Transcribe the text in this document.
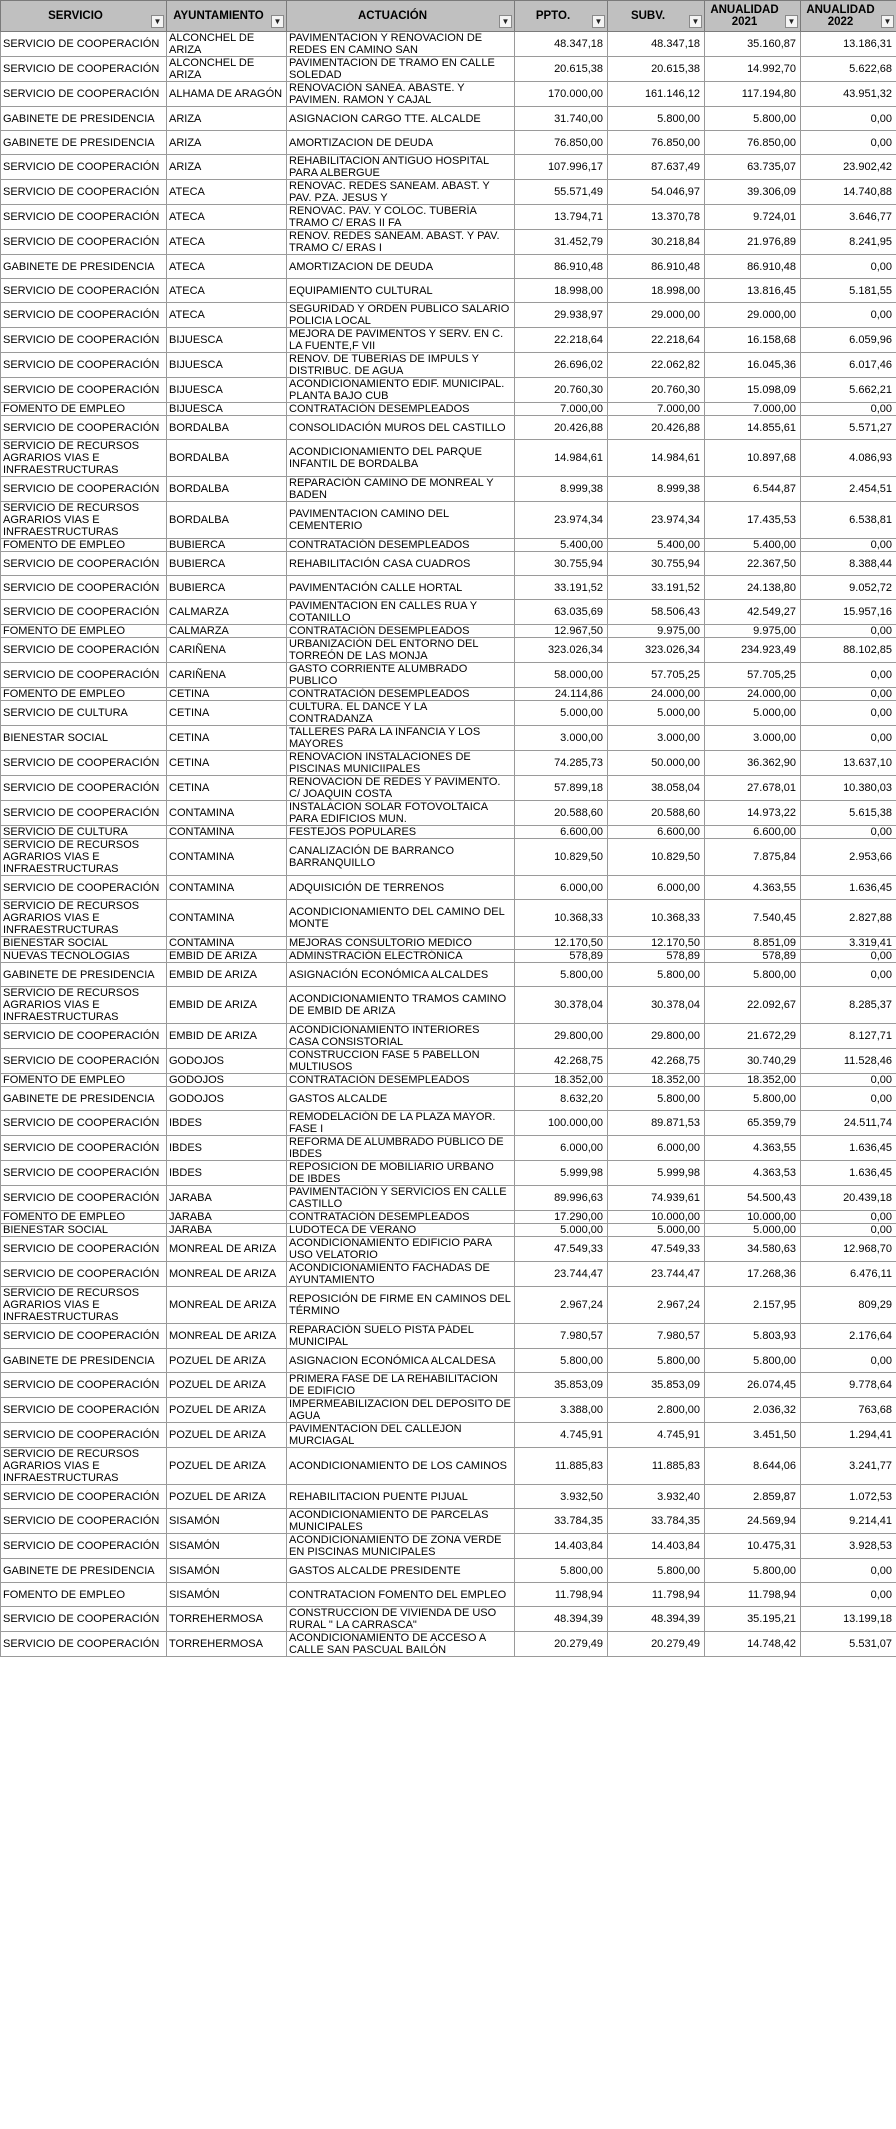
SERVICIO ▼	AYUNTAMIENTO ▼	ACTUACIÓN ▼	PPTO. ▼	SUBV. ▼	ANUALIDAD 2021 ▼	ANUALIDAD 2022 ▼

SERVICIO DE COOPERACIÓN	ALCONCHEL DE ARIZA	PAVIMENTACION Y RENOVACION DE REDES EN CAMINO SAN	48.347,18	48.347,18	35.160,87	13.186,31
SERVICIO DE COOPERACIÓN	ALCONCHEL DE ARIZA	PAVIMENTACION DE TRAMO EN CALLE SOLEDAD	20.615,38	20.615,38	14.992,70	5.622,68
SERVICIO DE COOPERACIÓN	ALHAMA DE ARAGÓN	RENOVACIÓN SANEA. ABASTE. Y PAVIMEN. RAMON Y CAJAL	170.000,00	161.146,12	117.194,80	43.951,32
GABINETE DE PRESIDENCIA	ARIZA	ASIGNACION CARGO TTE. ALCALDE	31.740,00	5.800,00	5.800,00	0,00
GABINETE DE PRESIDENCIA	ARIZA	AMORTIZACION DE DEUDA	76.850,00	76.850,00	76.850,00	0,00
SERVICIO DE COOPERACIÓN	ARIZA	REHABILITACION ANTIGUO HOSPITAL PARA ALBERGUE	107.996,17	87.637,49	63.735,07	23.902,42
SERVICIO DE COOPERACIÓN	ATECA	RENOVAC. REDES SANEAM. ABAST. Y PAV. PZA. JESUS Y	55.571,49	54.046,97	39.306,09	14.740,88
SERVICIO DE COOPERACIÓN	ATECA	RENOVAC. PAV. Y COLOC. TUBERÍA TRAMO C/ ERAS II FA	13.794,71	13.370,78	9.724,01	3.646,77
SERVICIO DE COOPERACIÓN	ATECA	RENOV. REDES SANEAM. ABAST. Y PAV. TRAMO C/ ERAS I	31.452,79	30.218,84	21.976,89	8.241,95
GABINETE DE PRESIDENCIA	ATECA	AMORTIZACION DE DEUDA	86.910,48	86.910,48	86.910,48	0,00
SERVICIO DE COOPERACIÓN	ATECA	EQUIPAMIENTO CULTURAL	18.998,00	18.998,00	13.816,45	5.181,55
SERVICIO DE COOPERACIÓN	ATECA	SEGURIDAD Y ORDEN PUBLICO SALARIO POLICIA LOCAL	29.938,97	29.000,00	29.000,00	0,00
SERVICIO DE COOPERACIÓN	BIJUESCA	MEJORA DE PAVIMENTOS Y SERV. EN C. LA FUENTE,F VII	22.218,64	22.218,64	16.158,68	6.059,96
SERVICIO DE COOPERACIÓN	BIJUESCA	RENOV. DE TUBERIAS DE IMPULS Y DISTRIBUC. DE AGUA	26.696,02	22.062,82	16.045,36	6.017,46
SERVICIO DE COOPERACIÓN	BIJUESCA	ACONDICIONAMIENTO EDIF. MUNICIPAL. PLANTA BAJO CUB	20.760,30	20.760,30	15.098,09	5.662,21
FOMENTO DE EMPLEO	BIJUESCA	CONTRATACIÓN DESEMPLEADOS	7.000,00	7.000,00	7.000,00	0,00
SERVICIO DE COOPERACIÓN	BORDALBA	CONSOLIDACIÓN MUROS DEL CASTILLO	20.426,88	20.426,88	14.855,61	5.571,27
SERVICIO DE RECURSOS AGRARIOS VIAS E INFRAESTRUCTURAS	BORDALBA	ACONDICIONAMIENTO DEL PARQUE INFANTIL DE BORDALBA	14.984,61	14.984,61	10.897,68	4.086,93
SERVICIO DE COOPERACIÓN	BORDALBA	REPARACIÓN CAMINO DE MONREAL Y BADEN	8.999,38	8.999,38	6.544,87	2.454,51
SERVICIO DE RECURSOS AGRARIOS VIAS E INFRAESTRUCTURAS	BORDALBA	PAVIMENTACION CAMINO DEL CEMENTERIO	23.974,34	23.974,34	17.435,53	6.538,81
FOMENTO DE EMPLEO	BUBIERCA	CONTRATACIÓN DESEMPLEADOS	5.400,00	5.400,00	5.400,00	0,00
SERVICIO DE COOPERACIÓN	BUBIERCA	REHABILITACIÓN CASA CUADROS	30.755,94	30.755,94	22.367,50	8.388,44
SERVICIO DE COOPERACIÓN	BUBIERCA	PAVIMENTACIÓN CALLE HORTAL	33.191,52	33.191,52	24.138,80	9.052,72
SERVICIO DE COOPERACIÓN	CALMARZA	PAVIMENTACION EN CALLES RUA Y COTANILLO	63.035,69	58.506,43	42.549,27	15.957,16
FOMENTO DE EMPLEO	CALMARZA	CONTRATACIÓN DESEMPLEADOS	12.967,50	9.975,00	9.975,00	0,00
SERVICIO DE COOPERACIÓN	CARIÑENA	URBANIZACIÓN DEL ENTORNO DEL TORREÓN DE LAS MONJA	323.026,34	323.026,34	234.923,49	88.102,85
SERVICIO DE COOPERACIÓN	CARIÑENA	GASTO CORRIENTE ALUMBRADO PUBLICO	58.000,00	57.705,25	57.705,25	0,00
FOMENTO DE EMPLEO	CETINA	CONTRATACIÓN DESEMPLEADOS	24.114,86	24.000,00	24.000,00	0,00
SERVICIO DE CULTURA	CETINA	CULTURA. EL DANCE Y LA CONTRADANZA	5.000,00	5.000,00	5.000,00	0,00
BIENESTAR SOCIAL	CETINA	TALLERES PARA LA INFANCIA Y LOS MAYORES	3.000,00	3.000,00	3.000,00	0,00
SERVICIO DE COOPERACIÓN	CETINA	RENOVACION INSTALACIONES DE PISCINAS MUNICIIPALES	74.285,73	50.000,00	36.362,90	13.637,10
SERVICIO DE COOPERACIÓN	CETINA	RENOVACION DE REDES Y PAVIMENTO. C/ JOAQUIN COSTA	57.899,18	38.058,04	27.678,01	10.380,03
SERVICIO DE COOPERACIÓN	CONTAMINA	INSTALACION SOLAR FOTOVOLTAICA PARA EDIFICIOS MUN.	20.588,60	20.588,60	14.973,22	5.615,38
SERVICIO DE CULTURA	CONTAMINA	FESTEJOS POPULARES	6.600,00	6.600,00	6.600,00	0,00
SERVICIO DE RECURSOS AGRARIOS VIAS E INFRAESTRUCTURAS	CONTAMINA	CANALIZACIÓN DE BARRANCO BARRANQUILLO	10.829,50	10.829,50	7.875,84	2.953,66
SERVICIO DE COOPERACIÓN	CONTAMINA	ADQUISICIÓN DE TERRENOS	6.000,00	6.000,00	4.363,55	1.636,45
SERVICIO DE RECURSOS AGRARIOS VIAS E INFRAESTRUCTURAS	CONTAMINA	ACONDICIONAMIENTO DEL CAMINO DEL MONTE	10.368,33	10.368,33	7.540,45	2.827,88
BIENESTAR SOCIAL	CONTAMINA	MEJORAS CONSULTORIO MEDICO	12.170,50	12.170,50	8.851,09	3.319,41
NUEVAS TECNOLOGIAS	EMBID DE ARIZA	ADMINSTRACIÓN ELECTRÓNICA	578,89	578,89	578,89	0,00
GABINETE DE PRESIDENCIA	EMBID DE ARIZA	ASIGNACIÓN ECONÓMICA ALCALDES	5.800,00	5.800,00	5.800,00	0,00
SERVICIO DE RECURSOS AGRARIOS VIAS E INFRAESTRUCTURAS	EMBID DE ARIZA	ACONDICIONAMIENTO TRAMOS CAMINO DE EMBID DE ARIZA	30.378,04	30.378,04	22.092,67	8.285,37
SERVICIO DE COOPERACIÓN	EMBID DE ARIZA	ACONDICIONAMIENTO INTERIORES CASA CONSISTORIAL	29.800,00	29.800,00	21.672,29	8.127,71
SERVICIO DE COOPERACIÓN	GODOJOS	CONSTRUCCION FASE 5 PABELLON MULTIUSOS	42.268,75	42.268,75	30.740,29	11.528,46
FOMENTO DE EMPLEO	GODOJOS	CONTRATACIÓN DESEMPLEADOS	18.352,00	18.352,00	18.352,00	0,00
GABINETE DE PRESIDENCIA	GODOJOS	GASTOS ALCALDE	8.632,20	5.800,00	5.800,00	0,00
SERVICIO DE COOPERACIÓN	IBDES	REMODELACIÓN DE LA PLAZA MAYOR. FASE I	100.000,00	89.871,53	65.359,79	24.511,74
SERVICIO DE COOPERACIÓN	IBDES	REFORMA DE ALUMBRADO PÚBLICO DE IBDES	6.000,00	6.000,00	4.363,55	1.636,45
SERVICIO DE COOPERACIÓN	IBDES	REPOSICION DE MOBILIARIO URBANO DE IBDES	5.999,98	5.999,98	4.363,53	1.636,45
SERVICIO DE COOPERACIÓN	JARABA	PAVIMENTACIÓN Y SERVICIOS EN CALLE CASTILLO	89.996,63	74.939,61	54.500,43	20.439,18
FOMENTO DE EMPLEO	JARABA	CONTRATACIÓN DESEMPLEADOS	17.290,00	10.000,00	10.000,00	0,00
BIENESTAR SOCIAL	JARABA	LUDOTECA DE VERANO	5.000,00	5.000,00	5.000,00	0,00
SERVICIO DE COOPERACIÓN	MONREAL DE ARIZA	ACONDICIONAMIENTO EDIFICIO PARA USO VELATORIO	47.549,33	47.549,33	34.580,63	12.968,70
SERVICIO DE COOPERACIÓN	MONREAL DE ARIZA	ACONDICIONAMIENTO FACHADAS DE AYUNTAMIENTO	23.744,47	23.744,47	17.268,36	6.476,11
SERVICIO DE RECURSOS AGRARIOS VIAS E INFRAESTRUCTURAS	MONREAL DE ARIZA	REPOSICIÓN DE FIRME EN CAMINOS DEL TÉRMINO	2.967,24	2.967,24	2.157,95	809,29
SERVICIO DE COOPERACIÓN	MONREAL DE ARIZA	REPARACIÓN SUELO PISTA PÁDEL MUNICIPAL	7.980,57	7.980,57	5.803,93	2.176,64
GABINETE DE PRESIDENCIA	POZUEL DE ARIZA	ASIGNACION ECONÓMICA ALCALDESA	5.800,00	5.800,00	5.800,00	0,00
SERVICIO DE COOPERACIÓN	POZUEL DE ARIZA	PRIMERA FASE DE LA REHABILITACION DE EDIFICIO	35.853,09	35.853,09	26.074,45	9.778,64
SERVICIO DE COOPERACIÓN	POZUEL DE ARIZA	IMPERMEABILIZACION DEL DEPOSITO DE AGUA	3.388,00	2.800,00	2.036,32	763,68
SERVICIO DE COOPERACIÓN	POZUEL DE ARIZA	PAVIMENTACION DEL CALLEJON MURCIAGAL	4.745,91	4.745,91	3.451,50	1.294,41
SERVICIO DE RECURSOS AGRARIOS VIAS E INFRAESTRUCTURAS	POZUEL DE ARIZA	ACONDICIONAMIENTO DE LOS CAMINOS	11.885,83	11.885,83	8.644,06	3.241,77
SERVICIO DE COOPERACIÓN	POZUEL DE ARIZA	REHABILITACION PUENTE PIJUAL	3.932,50	3.932,40	2.859,87	1.072,53
SERVICIO DE COOPERACIÓN	SISAMÓN	ACONDICIONAMIENTO DE PARCELAS MUNICIPALES	33.784,35	33.784,35	24.569,94	9.214,41
SERVICIO DE COOPERACIÓN	SISAMÓN	ACONDICIONAMIENTO DE ZONA VERDE EN PISCINAS MUNICIPALES	14.403,84	14.403,84	10.475,31	3.928,53
GABINETE DE PRESIDENCIA	SISAMÓN	GASTOS ALCALDE PRESIDENTE	5.800,00	5.800,00	5.800,00	0,00
FOMENTO DE EMPLEO	SISAMÓN	CONTRATACION FOMENTO DEL EMPLEO	11.798,94	11.798,94	11.798,94	0,00
SERVICIO DE COOPERACIÓN	TORREHERMOSA	CONSTRUCCION DE VIVIENDA DE USO RURAL " LA CARRASCA"	48.394,39	48.394,39	35.195,21	13.199,18
SERVICIO DE COOPERACIÓN	TORREHERMOSA	ACONDICIONAMIENTO DE ACCESO A CALLE SAN PASCUAL BAILÓN	20.279,49	20.279,49	14.748,42	5.531,07
